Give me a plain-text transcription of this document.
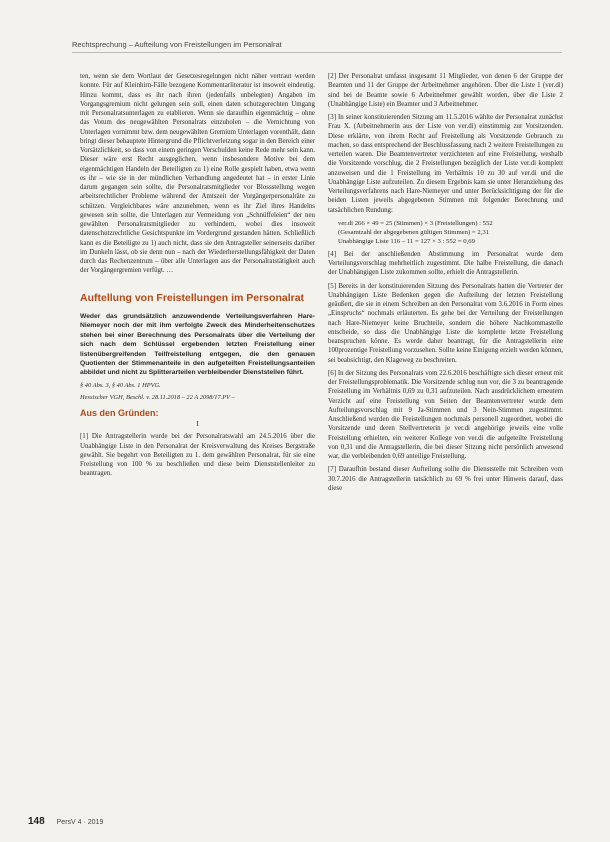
Rechtsprechung – Aufteilung von Freistellungen im Personalrat

ten, wenn sie dem Wortlaut der Gesetzesregelungen nicht näher vertraut werden konnte. Für auf Kleinhirn-Fälle bezogene Kommentarliteratur ist insoweit eindeutig. Hinzu kommt, dass es ihr nach ihren (jedenfalls unbelegten) Angaben im Vorgangsgremium nicht gelungen sein soll, einen daten schutzgerechten Umgang mit Personalratsunterlagen zu etablieren. Wenn sie daraufhin eigenmächtig – ohne das Votum des neugewählten Personalrats einzuholen – die Vernichtung von Unterlagen vornimmt bzw. dem neugewählten Gremium Unterlagen vorenthält, dann bringt dieser behauptete Hintergrund die Pflichtverletzung sogar in den Bereich einer Vorsätzlichkeit, so dass von einem geringen Verschulden keine Rede mehr sein kann. Dieser wäre erst Recht ausgeglichen, wenn insbesondere Motive bei dem eigenmächtigen Handeln der Beteiligten zu 1) eine Rolle gespielt haben, etwa wenn es ihr – wie sie in der mündlichen Verhandlung angedeutet hat – in erster Linie darum gegangen sein sollte, die Personalratsmitglieder vor Blossstellung wegen arbeitsrechtlicher Probleme während der Amtszeit der Vorgängerpersonalräte zu schützen. Vergleichbares wäre anzunehmen, wenn es ihr Ziel ihres Handelns gewesen sein sollte, die Unterlagen zur Vermeidung von „Schnüffeleien“ der neu gewählten Personalratsmitglieder zu verhindern, wobei dies insoweit datenschutzrechtliche Gesichtspunkte im Vordergrund gestanden hätten. Schließlich kann es die Beteiligte zu 1) auch nicht, dass sie den Antragsteller seinerseits darüber im Dunkeln lässt, ob sie denn nun – nach der Wiederherstellungsfähigkeit der Daten durch das Rechenzentrum – über alle Unterlagen aus der Personalratstätigkeit auch der Vorgängergremien verfügt. …

Auftellung von Freistellungen im Personalrat

Weder das grundsätzlich anzuwendende Verteilungsverfahren Hare-Niemeyer noch der mit ihm verfolgte Zweck des Minderheitenschutzes stehen bei einer Berechnung des Personalrats über die Verteilung der sich nach dem Schlüssel ergebenden letzten Freistellung einer listenübergreifenden Teilfreistellung entgegen, die den genauen Quotienten der Stimmenanteile in den aufgeteilten Freistellungsanteilen abbildet und nicht zu Splitterarteilen verbleibender Dienststellen führt.

§ 40 Abs. 3, § 40 Abs. 1 HPVG.

Hessischer VGH, Beschl. v. 28.11.2018 – 22 A 2098/17.PV –

Aus den Gründen:
I

[1] Die Antragstellerin wurde bei der Personalratswahl am 24.5.2016 über die Unabhängige Liste in den Personalrat der Kreisverwaltung des Kreises Bergstraße gewählt. Sie begehrt von Beteiligten zu 1. dem gewählten Personalrat, für sie eine Freistellung von 100 % zu beschließen und diese beim Dienststellenleiter zu beantragen.

[2] Der Personalrat umfasst insgesamt 11 Mitglieder, von denen 6 der Gruppe der Beamten und 11 der Gruppe der Arbeitnehmer angehören. Über die Liste 1 (ver.di) sind bei de Beamte sowie 6 Arbeitnehmer gewählt worden, über die Liste 2 (Unabhängige Liste) ein Beamter und 3 Arbeitnehmer.

[3] In seiner konstituierenden Sitzung am 11.5.2016 wählte der Personalrat zunächst Frau X. (Arbeitnehmerin aus der Liste von ver.di) einstimmig zur Vorsitzenden. Diese erklärte, von ihrem Recht auf Freistellung als Vorsitzende Gebrauch zu machen, so dass entsprechend der Beschlussfassung nach 2 weitere Freistellungen zu verteilen waren. Die Beamtenvertreter verzichteten auf eine Freistellung, weshalb die Vorsitzende vorschlug, die 2 Freistellungen bezüglich der Liste ver.di komplett anzuweisen und die 1 Freistellung im Verhältnis 10 zu 30 auf ver.di und die Unabhängige Liste aufzuteilen. Zu diesem Ergebnis kam sie unter Heranziehung des Verteilungsverfahrens nach Hare-Niemeyer und unter Berücksichtigung der für die beiden Listen jeweils abgegebenen Stimmen mit folgender Berechnung und tatsächlichen Rundung:

ver.di 266 × 49 = 25 (Stimmen) × 3 (Freistellungen) : 552
(Gesamtzahl der abgegebenen gültigen Stimmen) = 2,31
Unabhängige Liste 116 – 11 = 127 × 3 : 552 = 0,69

[4] Bei der anschließenden Abstimmung im Personalrat wurde dem Verteilungsvorschlag mehrheitlich zugestimmt. Die halbe Freistellung, die danach der Unabhängigen Liste zukommen sollte, erhielt die Antragstellerin.

[5] Bereits in der konstituierenden Sitzung des Personalrats hatten die Vertreter der Unabhängigen Liste Bedenken gegen die Aufteilung der letzten Freistellung geäußert, die sie in einem Schreiben an den Personalrat vom 3.6.2016 in Form eines „Einspruchs“ nochmals erläuterten. Es gehe bei der Verteilung der Freistellungen nach Hare-Niemeyer keine Bruchteile, sondern die höhere Nachkommastelle entscheide, so dass die Unabhängige Liste die komplette letzte Freistellung beanspruchen könne. Es werde daher beantragt, für die Antragstellerin eine 100prozentige Freistellung vorzusehen. Sollte keine Einigung erzielt werden können, sei beabsichtigt, den Klageweg zu beschreiten.

[6] In der Sitzung des Personalrats vom 22.6.2016 beschäftigte sich dieser erneut mit der Freistellungsproblematik. Die Vorsitzende schlug nun vor, die 3 zu beantragende Freistellung im Verhältnis 0,69 zu 0,31 aufzuteilen. Nach ausdrücklichem erneutem Verzicht auf eine Freistellung von Seiten der Beamtenvertreter wurde dem Aufteilungsvorschlag mit 9 Ja-Stimmen und 3 Nein-Stimmen zugestimmt. Anschließend wurden die Freistellungen nochmals personell zugeordnet, wobei die Vorsitzende und deren Stellvertreterin je ver.di angehörige jeweils eine volle Freistellung erhielten, ein weiterer Kollege von ver.di die aufgeteilte Freistellung von 0,31 und die Antragstellerin, die bei dieser Sitzung nicht persönlich anwesend war, die verbleibenden 0,69 anteilige Freistellung.

[7] Daraufhin bestand dieser Aufteilung sollte die Dienststelle mit Schreiben vom 30.7.2016 die Antragstellerin tatsächlich zu 69 % frei unter Hinweis darauf, dass diese

148 PersV 4 · 2019
